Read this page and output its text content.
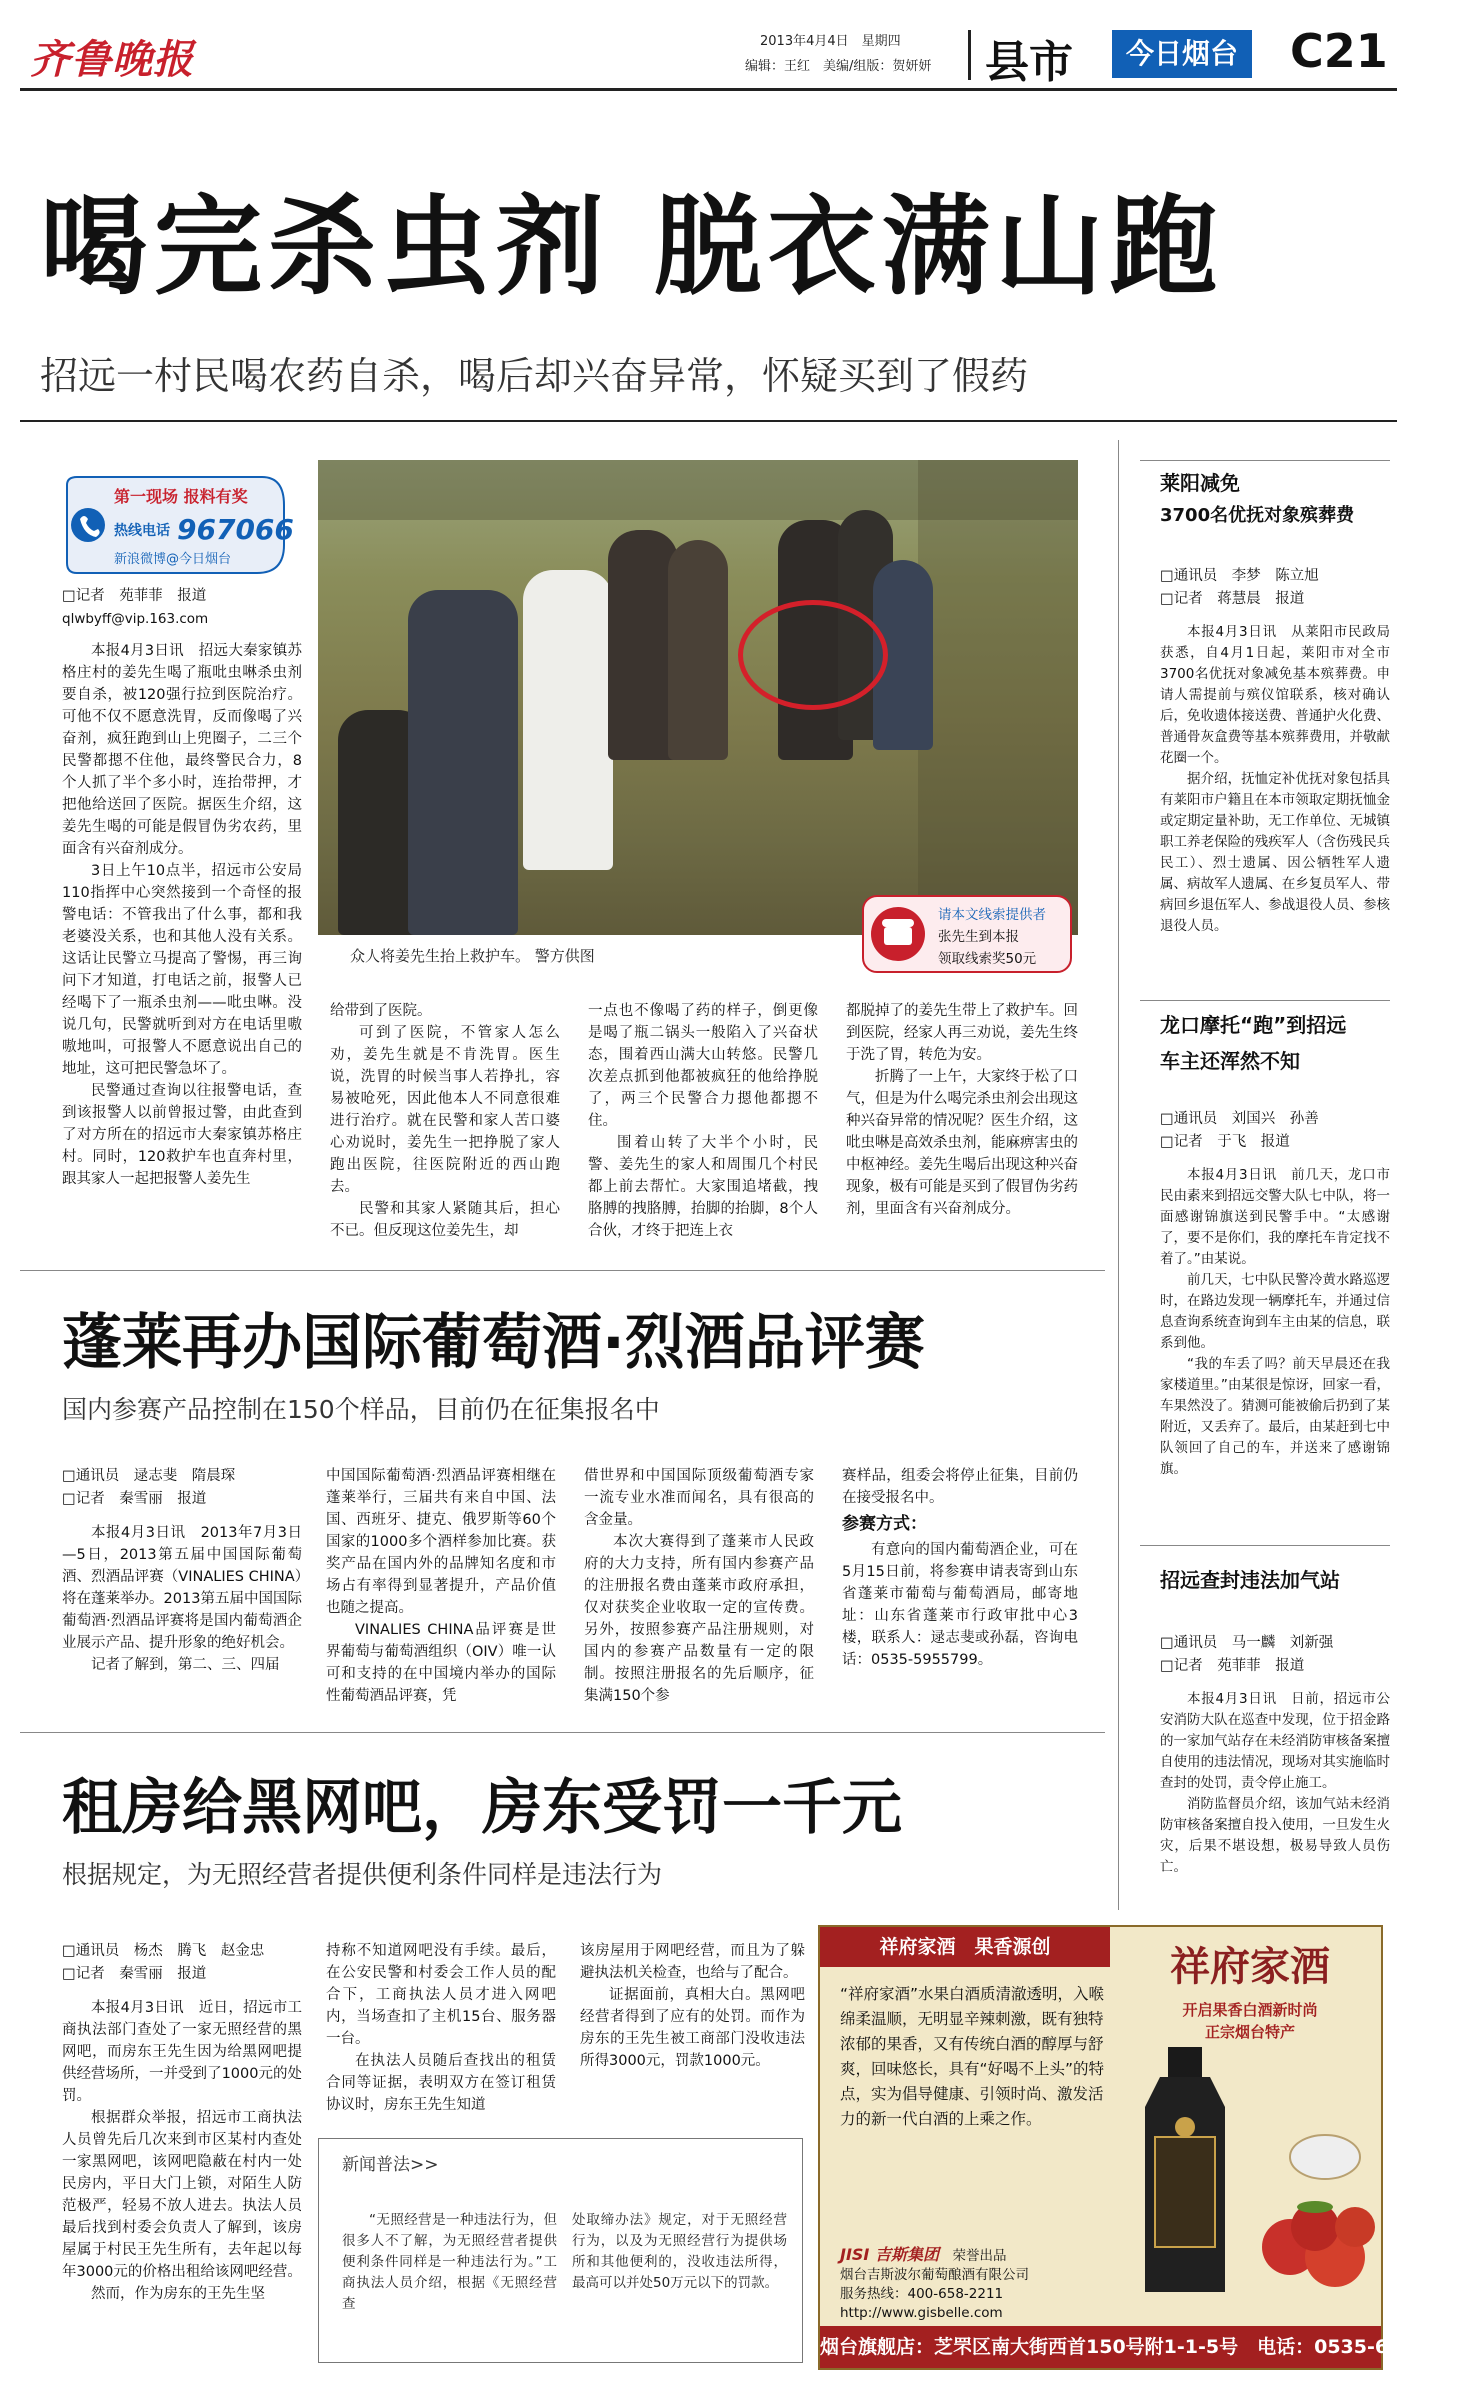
齐鲁晚报	2013年4月4日　星期四
编辑：王红　美编/组版：贺妍妍 县市	今日烟台	C21
喝完杀虫剂 脱衣满山跑
招远一村民喝农药自杀，喝后却兴奋异常，怀疑买到了假药
第一现场 报料有奖
热线电话 967066
新浪微博@今日烟台
□记者　苑菲菲　报道
qlwbyff@vip.163.com

本报4月3日讯　招远大秦家镇苏格庄村的姜先生喝了瓶吡虫啉杀虫剂要自杀，被120强行拉到医院治疗。可他不仅不愿意洗胃，反而像喝了兴奋剂，疯狂跑到山上兜圈子，二三个民警都摁不住他，最终警民合力，8个人抓了半个多小时，连抬带押，才把他给送回了医院。据医生介绍，这姜先生喝的可能是假冒伪劣农药，里面含有兴奋剂成分。

3日上午10点半，招远市公安局110指挥中心突然接到一个奇怪的报警电话：不管我出了什么事，都和我老婆没关系，也和其他人没有关系。这话让民警立马提高了警惕，再三询问下才知道，打电话之前，报警人已经喝下了一瓶杀虫剂——吡虫啉。没说几句，民警就听到对方在电话里嗷嗷地叫，可报警人不愿意说出自己的地址，这可把民警急坏了。

民警通过查询以往报警电话，查到该报警人以前曾报过警，由此查到了对方所在的招远市大秦家镇苏格庄村。同时，120救护车也直奔村里，跟其家人一起把报警人姜先生

众人将姜先生抬上救护车。 警方供图
请本文线索提供者
张先生到本报
领取线索奖50元

给带到了医院。

可到了医院，不管家人怎么劝，姜先生就是不肯洗胃。医生说，洗胃的时候当事人若挣扎，容易被呛死，因此他本人不同意很难进行治疗。就在民警和家人苦口婆心劝说时，姜先生一把挣脱了家人跑出医院，往医院附近的西山跑去。

民警和其家人紧随其后，担心不已。但反现这位姜先生，却

一点也不像喝了药的样子，倒更像是喝了瓶二锅头一般陷入了兴奋状态，围着西山满大山转悠。民警几次差点抓到他都被疯狂的他给挣脱了，两三个民警合力摁他都摁不住。

围着山转了大半个小时，民警、姜先生的家人和周围几个村民都上前去帮忙。大家围追堵截，拽胳膊的拽胳膊，抬脚的抬脚，8个人合伙，才终于把连上衣

都脱掉了的姜先生带上了救护车。回到医院，经家人再三劝说，姜先生终于洗了胃，转危为安。

折腾了一上午，大家终于松了口气，但是为什么喝完杀虫剂会出现这种兴奋异常的情况呢？医生介绍，这吡虫啉是高效杀虫剂，能麻痹害虫的中枢神经。姜先生喝后出现这种兴奋现象，极有可能是买到了假冒伪劣药剂，里面含有兴奋剂成分。

蓬莱再办国际葡萄酒·烈酒品评赛
国内参赛产品控制在150个样品，目前仍在征集报名中
□通讯员　逯志斐　隋晨琛
□记者　秦雪丽　报道

本报4月3日讯　2013年7月3日—5日，2013第五届中国国际葡萄酒、烈酒品评赛（VINALIES CHINA）将在蓬莱举办。2013第五届中国国际葡萄酒·烈酒品评赛将是国内葡萄酒企业展示产品、提升形象的绝好机会。

记者了解到，第二、三、四届

中国国际葡萄酒·烈酒品评赛相继在蓬莱举行，三届共有来自中国、法国、西班牙、捷克、俄罗斯等60个国家的1000多个酒样参加比赛。获奖产品在国内外的品牌知名度和市场占有率得到显著提升，产品价值也随之提高。

VINALIES CHINA品评赛是世界葡萄与葡萄酒组织（OIV）唯一认可和支持的在中国境内举办的国际性葡萄酒品评赛，凭

借世界和中国国际顶级葡萄酒专家一流专业水准而闻名，具有很高的含金量。

本次大赛得到了蓬莱市人民政府的大力支持，所有国内参赛产品的注册报名费由蓬莱市政府承担，仅对获奖企业收取一定的宣传费。另外，按照参赛产品注册规则，对国内的参赛产品数量有一定的限制。按照注册报名的先后顺序，征集满150个参

赛样品，组委会将停止征集，目前仍在接受报名中。

参赛方式：

有意向的国内葡萄酒企业，可在5月15日前，将参赛申请表寄到山东省蓬莱市葡萄与葡萄酒局，邮寄地址：山东省蓬莱市行政审批中心3楼，联系人：逯志斐或孙磊，咨询电话：0535-5955799。

租房给黑网吧，房东受罚一千元
根据规定，为无照经营者提供便利条件同样是违法行为
□通讯员　杨杰　腾飞　赵金忠
□记者　秦雪丽　报道

本报4月3日讯　近日，招远市工商执法部门查处了一家无照经营的黑网吧，而房东王先生因为给黑网吧提供经营场所，一并受到了1000元的处罚。

根据群众举报，招远市工商执法人员曾先后几次来到市区某村内查处一家黑网吧，该网吧隐蔽在村内一处民房内，平日大门上锁，对陌生人防范极严，轻易不放人进去。执法人员最后找到村委会负责人了解到，该房屋属于村民王先生所有，去年起以每年3000元的价格出租给该网吧经营。

然而，作为房东的王先生坚

持称不知道网吧没有手续。最后，在公安民警和村委会工作人员的配合下，工商执法人员才进入网吧内，当场查扣了主机15台、服务器一台。

在执法人员随后查找出的租赁合同等证据，表明双方在签订租赁协议时，房东王先生知道

该房屋用于网吧经营，而且为了躲避执法机关检查，也给与了配合。

证据面前，真相大白。黑网吧经营者得到了应有的处罚。而作为房东的王先生被工商部门没收违法所得3000元，罚款1000元。

新闻普法>>

“无照经营是一种违法行为，但很多人不了解，为无照经营者提供便利条件同样是一种违法行为。”工商执法人员介绍，根据《无照经营查

处取缔办法》规定，对于无照经营行为，以及为无照经营行为提供场所和其他便利的，没收违法所得，最高可以并处50万元以下的罚款。

莱阳减免
3700名优抚对象殡葬费
□通讯员　李梦　陈立旭
□记者　蒋慧晨　报道

本报4月3日讯　从莱阳市民政局获悉，自4月1日起，莱阳市对全市3700名优抚对象减免基本殡葬费。申请人需提前与殡仪馆联系，核对确认后，免收遗体接送费、普通护火化费、普通骨灰盒费等基本殡葬费用，并敬献花圈一个。

据介绍，抚恤定补优抚对象包括具有莱阳市户籍且在本市领取定期抚恤金或定期定量补助，无工作单位、无城镇职工养老保险的残疾军人（含伤残民兵民工）、烈士遗属、因公牺牲军人遗属、病故军人遗属、在乡复员军人、带病回乡退伍军人、参战退役人员、参核退役人员。

龙口摩托“跑”到招远
车主还浑然不知
□通讯员　刘国兴　孙善
□记者　于飞　报道

本报4月3日讯　前几天，龙口市民由素来到招远交警大队七中队，将一面感谢锦旗送到民警手中。“太感谢了，要不是你们，我的摩托车肯定找不着了。”由某说。

前几天，七中队民警冷黄水路巡逻时，在路边发现一辆摩托车，并通过信息查询系统查询到车主由某的信息，联系到他。

“我的车丢了吗？前天早晨还在我家楼道里。”由某很是惊讶，回家一看，车果然没了。猜测可能被偷后扔到了某附近，又丢弃了。最后，由某赶到七中队领回了自己的车，并送来了感谢锦旗。

招远查封违法加气站
□通讯员　马一麟　刘新强
□记者　苑菲菲　报道

本报4月3日讯　日前，招远市公安消防大队在巡查中发现，位于招金路的一家加气站存在未经消防审核备案擅自使用的违法情况，现场对其实施临时查封的处罚，责令停止施工。

消防监督员介绍，该加气站未经消防审核备案擅自投入使用，一旦发生火灾，后果不堪设想，极易导致人员伤亡。

祥府家酒　果香源创	祥府家酒
开启果香白酒新时尚
正宗烟台特产
“祥府家酒”水果白酒质清澈透明，入喉绵柔温顺，无明显辛辣刺激，既有独特浓郁的果香，又有传统白酒的醇厚与舒爽，回味悠长，具有“好喝不上头”的特点，实为倡导健康、引领时尚、激发活力的新一代白酒的上乘之作。
JISI 吉斯集团　 荣誉出品
烟台吉斯波尔葡萄酿酒有限公司
服务热线：400-658-2211
http://www.gisbelle.com
烟台旗舰店：芝罘区南大街西首150号附1-1-5号　电话：0535-6694999
